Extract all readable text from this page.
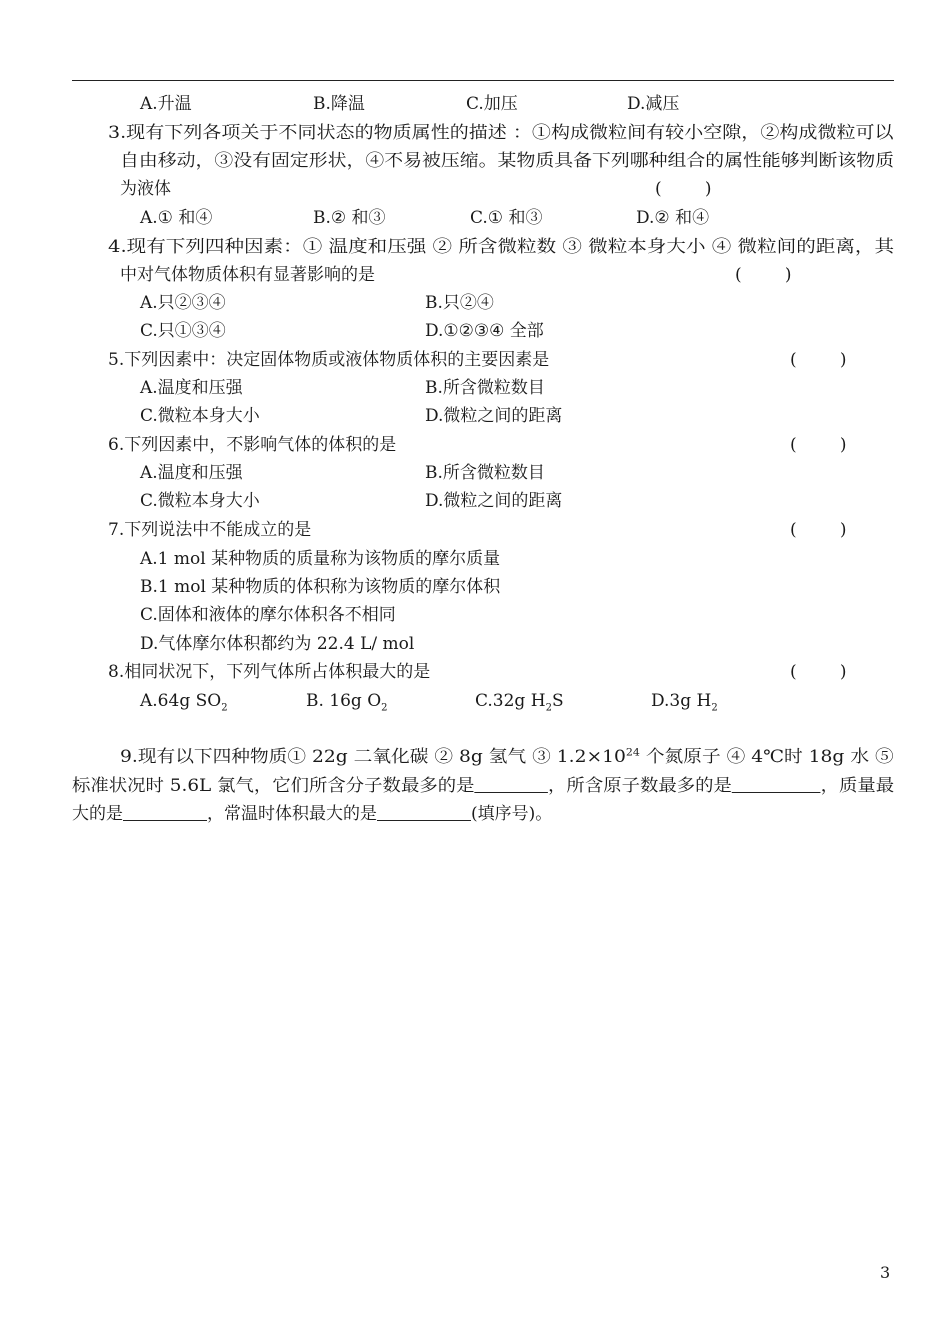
A.升温	B.降温	C.加压	D.减压
3.现有下列各项关于不同状态的物质属性的描述 ：①构成微粒间有较小空隙，②构成微粒可以
自由移动，③没有固定形状，④不易被压缩。某物质具备下列哪种组合的属性能够判断该物质
为液体	(        )
A.① 和④	B.② 和③	C.① 和③	D.② 和④
4.现有下列四种因素：① 温度和压强 ② 所含微粒数 ③ 微粒本身大小 ④ 微粒间的距离，其
中对气体物质体积有显著影响的是	(        )
A.只②③④	B.只②④
C.只①③④	D.①②③④ 全部
5.下列因素中：决定固体物质或液体物质体积的主要因素是	(        )
A.温度和压强	B.所含微粒数目
C.微粒本身大小	D.微粒之间的距离
6.下列因素中，不影响气体的体积的是	(        )
A.温度和压强	B.所含微粒数目
C.微粒本身大小	D.微粒之间的距离
7.下列说法中不能成立的是	(        )
A.1 mol 某种物质的质量称为该物质的摩尔质量
B.1 mol 某种物质的体积称为该物质的摩尔体积
C.固体和液体的摩尔体积各不相同
D.气体摩尔体积都约为 22.4 L/ mol
8.相同状况下，下列气体所占体积最大的是	(        )
A.64g $SO_2$	B. 16g $O_2$	C.32g $H_2S$	D.3g $H_2$
9.现有以下四种物质① 22g 二氧化碳 ② 8g 氢气 ③ $1.2\times 10^{24}$ 个氮原子 ④ 4℃时 18g 水 ⑤
标准状况时 5.6L 氯气，它们所含分子数最多的是	，所含原子数最多的是	，质量最
大的是	，常温时体积最大的是	(填序号)。
3
